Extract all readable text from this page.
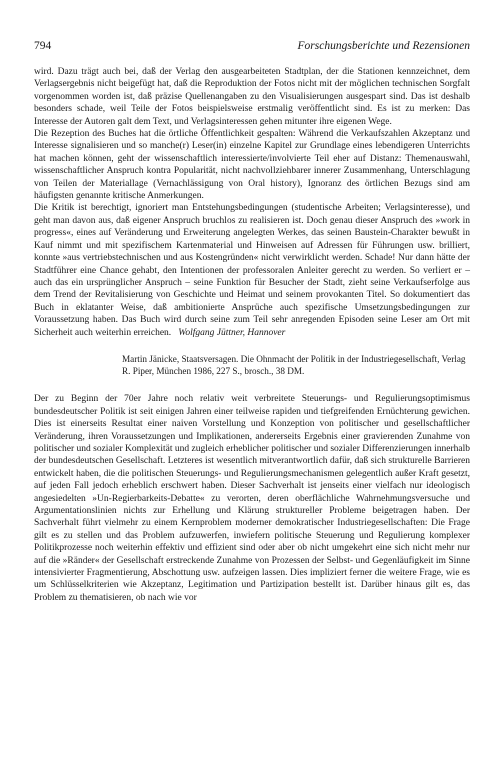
794	Forschungsberichte und Rezensionen

wird. Dazu trägt auch bei, daß der Verlag den ausgearbeiteten Stadtplan, der die Stationen kennzeichnet, dem Verlagsergebnis nicht beigefügt hat, daß die Reproduktion der Fotos nicht mit der möglichen technischen Sorgfalt vorgenommen worden ist, daß präzise Quellenangaben zu den Visualisierungen ausgespart sind. Das ist deshalb besonders schade, weil Teile der Fotos beispielsweise erstmalig veröffentlicht sind. Es ist zu merken: Das Interesse der Autoren galt dem Text, und Verlagsinteressen gehen mitunter ihre eigenen Wege.

Die Rezeption des Buches hat die örtliche Öffentlichkeit gespalten: Während die Verkaufszahlen Akzeptanz und Interesse signalisieren und so manche(r) Leser(in) einzelne Kapitel zur Grundlage eines lebendigeren Unterrichts hat machen können, geht der wissenschaftlich interessierte/involvierte Teil eher auf Distanz: Themenauswahl, wissenschaftlicher Anspruch kontra Popularität, nicht nachvollziehbarer innerer Zusammenhang, Unterschlagung von Teilen der Materiallage (Vernachlässigung von Oral history), Ignoranz des örtlichen Bezugs sind am häufigsten genannte kritische Anmerkungen.

Die Kritik ist berechtigt, ignoriert man Entstehungsbedingungen (studentische Arbeiten; Verlagsinteresse), und geht man davon aus, daß eigener Anspruch bruchlos zu realisieren ist. Doch genau dieser Anspruch des »work in progress«, eines auf Veränderung und Erweiterung angelegten Werkes, das seinen Baustein-Charakter bewußt in Kauf nimmt und mit spezifischem Kartenmaterial und Hinweisen auf Adressen für Führungen usw. brilliert, konnte »aus vertriebstechnischen und aus Kostengründen« nicht verwirklicht werden. Schade! Nur dann hätte der Stadtführer eine Chance gehabt, den Intentionen der professoralen Anleiter gerecht zu werden. So verliert er – auch das ein ursprünglicher Anspruch – seine Funktion für Besucher der Stadt, zieht seine Verkaufserfolge aus dem Trend der Revitalisierung von Geschichte und Heimat und seinem provokanten Titel. So dokumentiert das Buch in eklatanter Weise, daß ambitionierte Ansprüche auch spezifische Umsetzungsbedingungen zur Voraussetzung haben. Das Buch wird durch seine zum Teil sehr anregenden Episoden seine Leser am Ort mit Sicherheit auch weiterhin erreichen. Wolfgang Jüttner, Hannover

Martin Jänicke, Staatsversagen. Die Ohnmacht der Politik in der Industriegesellschaft, Verlag R. Piper, München 1986, 227 S., brosch., 38 DM.

Der zu Beginn der 70er Jahre noch relativ weit verbreitete Steuerungs- und Regulierungsoptimismus bundesdeutscher Politik ist seit einigen Jahren einer teilweise rapiden und tiefgreifenden Ernüchterung gewichen. Dies ist einerseits Resultat einer naiven Vorstellung und Konzeption von politischer und gesellschaftlicher Veränderung, ihren Voraussetzungen und Implikationen, andererseits Ergebnis einer gravierenden Zunahme von politischer und sozialer Komplexität und zugleich erheblicher politischer und sozialer Differenzierungen innerhalb der bundesdeutschen Gesellschaft. Letzteres ist wesentlich mitverantwortlich dafür, daß sich strukturelle Barrieren entwickelt haben, die die politischen Steuerungs- und Regulierungsmechanismen gelegentlich außer Kraft gesetzt, auf jeden Fall jedoch erheblich erschwert haben. Dieser Sachverhalt ist jenseits einer vielfach nur ideologisch angesiedelten »Un-Regierbarkeits-Debatte« zu verorten, deren oberflächliche Wahrnehmungsversuche und Argumentationslinien nichts zur Erhellung und Klärung struktureller Probleme beigetragen haben. Der Sachverhalt führt vielmehr zu einem Kernproblem moderner demokratischer Industriegesellschaften: Die Frage gilt es zu stellen und das Problem aufzuwerfen, inwiefern politische Steuerung und Regulierung komplexer Politikprozesse noch weiterhin effektiv und effizient sind oder aber ob nicht umgekehrt eine sich nicht mehr nur auf die »Ränder« der Gesellschaft erstreckende Zunahme von Prozessen der Selbst- und Gegenläufigkeit im Sinne intensivierter Fragmentierung, Abschottung usw. aufzeigen lassen. Dies impliziert ferner die weitere Frage, wie es um Schlüsselkriterien wie Akzeptanz, Legitimation und Partizipation bestellt ist. Darüber hinaus gilt es, das Problem zu thematisieren, ob nach wie vor
